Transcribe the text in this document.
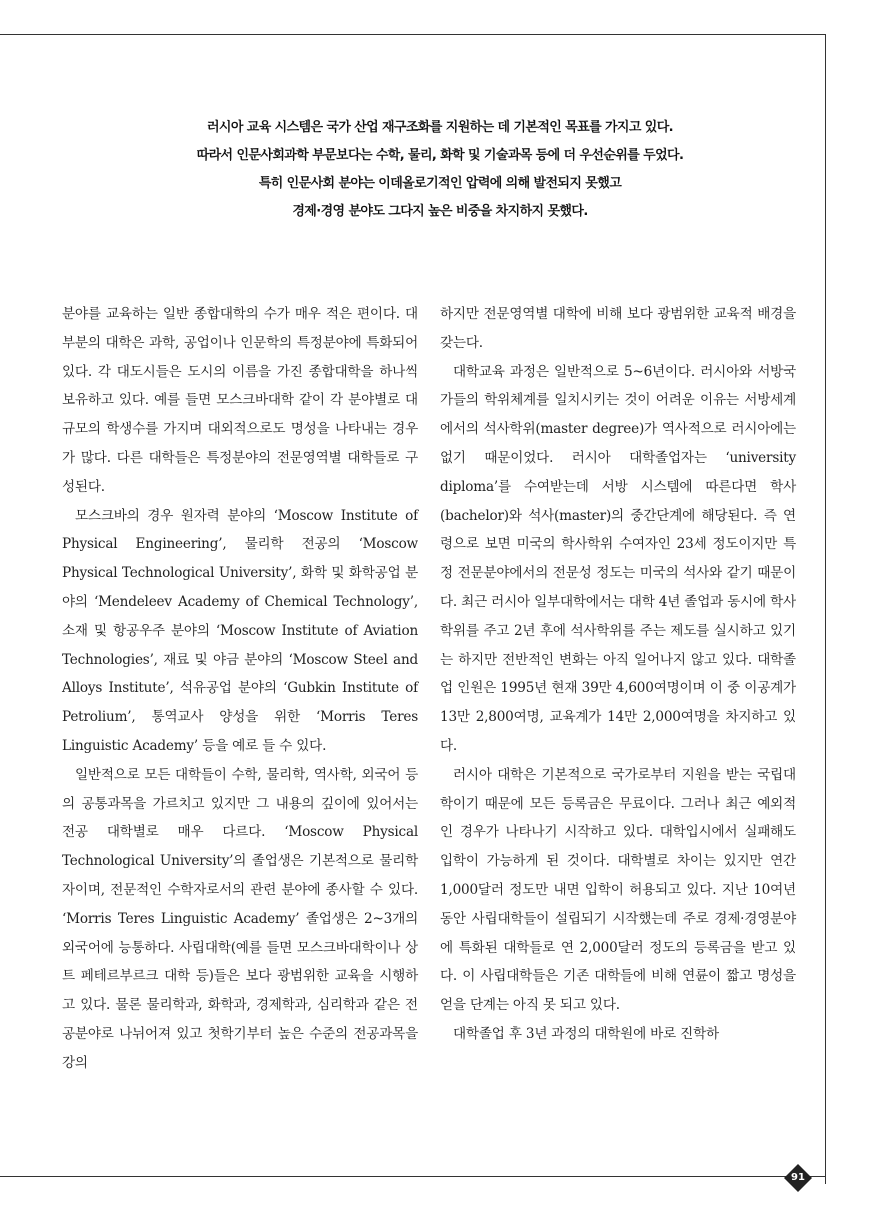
러시아 교육 시스템은 국가 산업 재구조화를 지원하는 데 기본적인 목표를 가지고 있다.
따라서 인문사회과학 부문보다는 수학, 물리, 화학 및 기술과목 등에 더 우선순위를 두었다.
특히 인문사회 분야는 이데올로기적인 압력에 의해 발전되지 못했고
경제·경영 분야도 그다지 높은 비중을 차지하지 못했다.

분야를 교육하는 일반 종합대학의 수가 매우 적은 편이다. 대부분의 대학은 과학, 공업이나 인문학의 특정분야에 특화되어 있다. 각 대도시들은 도시의 이름을 가진 종합대학을 하나씩 보유하고 있다. 예를 들면 모스크바대학 같이 각 분야별로 대규모의 학생수를 가지며 대외적으로도 명성을 나타내는 경우가 많다. 다른 대학들은 특정분야의 전문영역별 대학들로 구성된다.

모스크바의 경우 원자력 분야의 ‘Moscow Institute of Physical Engineering’, 물리학 전공의 ‘Moscow Physical Technological University’, 화학 및 화학공업 분야의 ‘Mendeleev Academy of Chemical Technology’, 소재 및 항공우주 분야의 ‘Moscow Institute of Aviation Technologies’, 재료 및 야금 분야의 ‘Moscow Steel and Alloys Institute’, 석유공업 분야의 ‘Gubkin Institute of Petrolium’, 통역교사 양성을 위한 ‘Morris Teres Linguistic Academy’ 등을 예로 들 수 있다.

일반적으로 모든 대학들이 수학, 물리학, 역사학, 외국어 등의 공통과목을 가르치고 있지만 그 내용의 깊이에 있어서는 전공 대학별로 매우 다르다. ‘Moscow Physical Technological University’의 졸업생은 기본적으로 물리학자이며, 전문적인 수학자로서의 관련 분야에 종사할 수 있다. ‘Morris Teres Linguistic Academy’ 졸업생은 2~3개의 외국어에 능통하다. 사립대학(예를 들면 모스크바대학이나 상트 페테르부르크 대학 등)들은 보다 광범위한 교육을 시행하고 있다. 물론 물리학과, 화학과, 경제학과, 심리학과 같은 전공분야로 나뉘어져 있고 첫학기부터 높은 수준의 전공과목을 강의

하지만 전문영역별 대학에 비해 보다 광범위한 교육적 배경을 갖는다.

대학교육 과정은 일반적으로 5~6년이다. 러시아와 서방국가들의 학위체계를 일치시키는 것이 어려운 이유는 서방세계에서의 석사학위(master degree)가 역사적으로 러시아에는 없기 때문이었다. 러시아 대학졸업자는 ‘university diploma’를 수여받는데 서방 시스템에 따른다면 학사(bachelor)와 석사(master)의 중간단계에 해당된다. 즉 연령으로 보면 미국의 학사학위 수여자인 23세 정도이지만 특정 전문분야에서의 전문성 정도는 미국의 석사와 같기 때문이다. 최근 러시아 일부대학에서는 대학 4년 졸업과 동시에 학사학위를 주고 2년 후에 석사학위를 주는 제도를 실시하고 있기는 하지만 전반적인 변화는 아직 일어나지 않고 있다. 대학졸업 인원은 1995년 현재 39만 4,600여명이며 이 중 이공계가 13만 2,800여명, 교육계가 14만 2,000여명을 차지하고 있다.

러시아 대학은 기본적으로 국가로부터 지원을 받는 국립대학이기 때문에 모든 등록금은 무료이다. 그러나 최근 예외적인 경우가 나타나기 시작하고 있다. 대학입시에서 실패해도 입학이 가능하게 된 것이다. 대학별로 차이는 있지만 연간 1,000달러 정도만 내면 입학이 허용되고 있다. 지난 10여년 동안 사립대학들이 설립되기 시작했는데 주로 경제·경영분야에 특화된 대학들로 연 2,000달러 정도의 등록금을 받고 있다. 이 사립대학들은 기존 대학들에 비해 연륜이 짧고 명성을 얻을 단계는 아직 못 되고 있다.

대학졸업 후 3년 과정의 대학원에 바로 진학하

91
